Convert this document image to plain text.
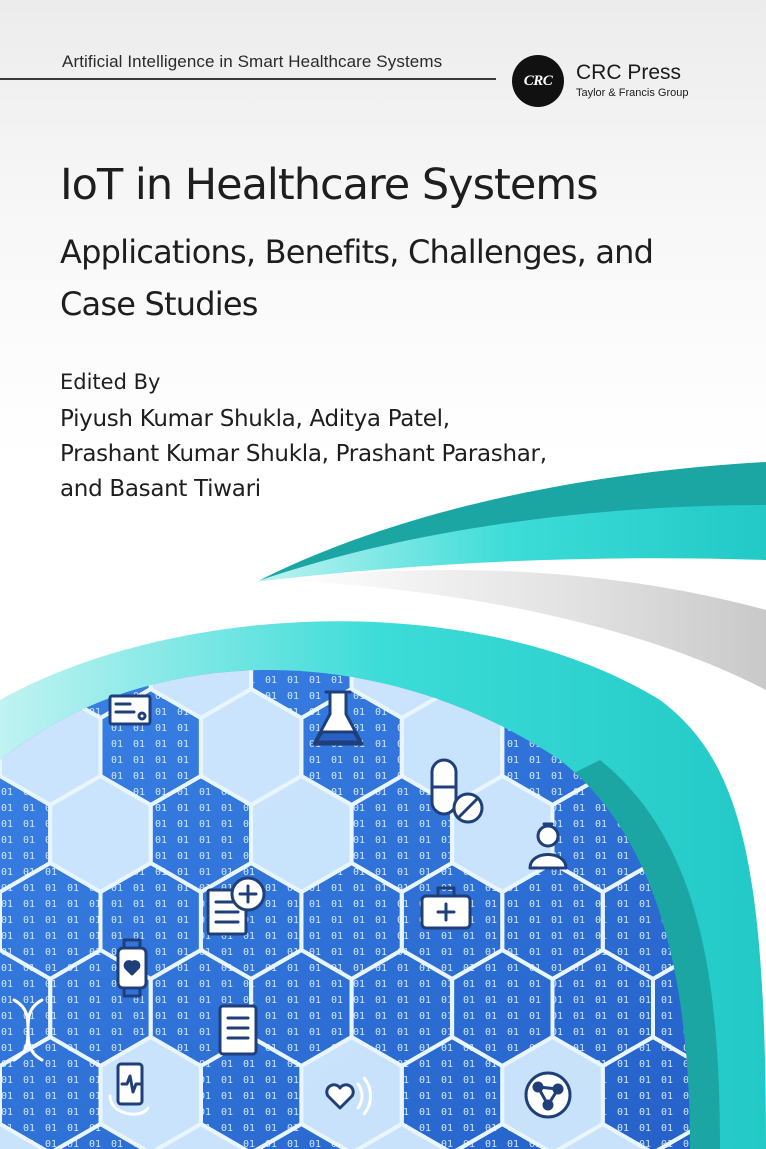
Artificial Intelligence in Smart Healthcare Systems
CRC CRC Press
Taylor & Francis Group
IoT in Healthcare Systems
Applications, Benefits, Challenges, and Case Studies
Edited By
Piyush Kumar Shukla, Aditya Patel,
Prashant Kumar Shukla, Prashant Parashar,
and Basant Tiwari
